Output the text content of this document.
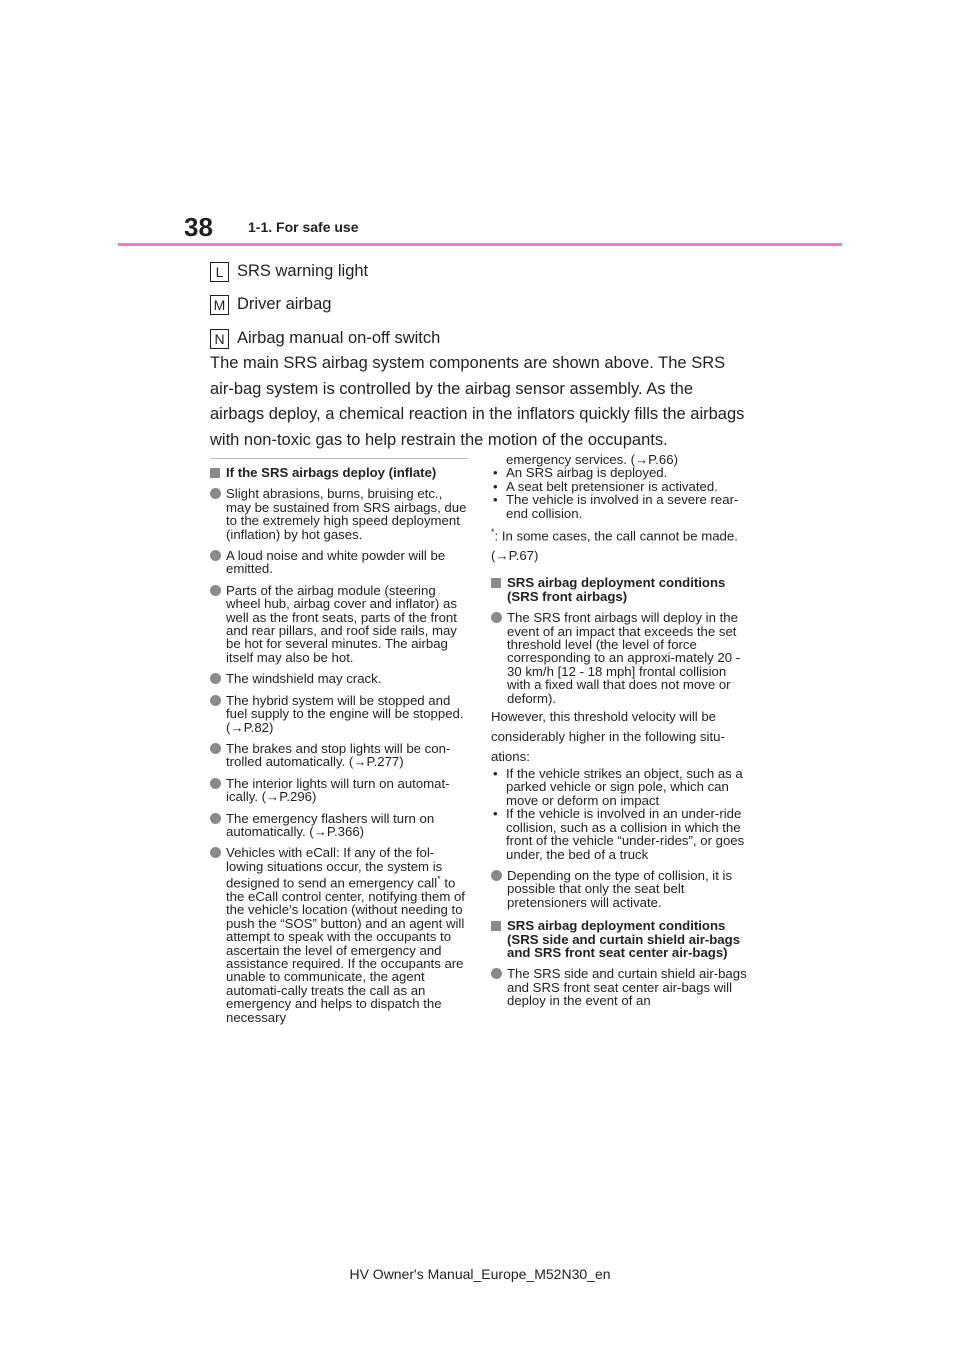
38	1-1. For safe use
L SRS warning light
M Driver airbag
N Airbag manual on-off switch
The main SRS airbag system components are shown above. The SRS air-bag system is controlled by the airbag sensor assembly. As the airbags deploy, a chemical reaction in the inflators quickly fills the airbags with non-toxic gas to help restrain the motion of the occupants.
If the SRS airbags deploy (inflate)
Slight abrasions, burns, bruising etc., may be sustained from SRS airbags, due to the extremely high speed deployment (inflation) by hot gases.
A loud noise and white powder will be emitted.
Parts of the airbag module (steering wheel hub, airbag cover and inflator) as well as the front seats, parts of the front and rear pillars, and roof side rails, may be hot for several minutes. The airbag itself may also be hot.
The windshield may crack.
The hybrid system will be stopped and fuel supply to the engine will be stopped. (→P.82)
The brakes and stop lights will be con-trolled automatically. (→P.277)
The interior lights will turn on automat-ically. (→P.296)
The emergency flashers will turn on automatically. (→P.366)
Vehicles with eCall: If any of the fol-lowing situations occur, the system is designed to send an emergency call* to the eCall control center, notifying them of the vehicle’s location (without needing to push the “SOS” button) and an agent will attempt to speak with the occupants to ascertain the level of emergency and assistance required. If the occupants are unable to communicate, the agent automati-cally treats the call as an emergency and helps to dispatch the necessary
emergency services. (→P.66)
• An SRS airbag is deployed.
• A seat belt pretensioner is activated.
• The vehicle is involved in a severe rear-end collision.
*: In some cases, the call cannot be made. (→P.67)
SRS airbag deployment conditions (SRS front airbags)
The SRS front airbags will deploy in the event of an impact that exceeds the set threshold level (the level of force corresponding to an approxi-mately 20 - 30 km/h [12 - 18 mph] frontal collision with a fixed wall that does not move or deform).
However, this threshold velocity will be considerably higher in the following situ-ations:
• If the vehicle strikes an object, such as a parked vehicle or sign pole, which can move or deform on impact
• If the vehicle is involved in an under-ride collision, such as a collision in which the front of the vehicle “under-rides”, or goes under, the bed of a truck
Depending on the type of collision, it is possible that only the seat belt pretensioners will activate.
SRS airbag deployment conditions (SRS side and curtain shield air-bags and SRS front seat center air-bags)
The SRS side and curtain shield air-bags and SRS front seat center air-bags will deploy in the event of an
HV Owner's Manual_Europe_M52N30_en
